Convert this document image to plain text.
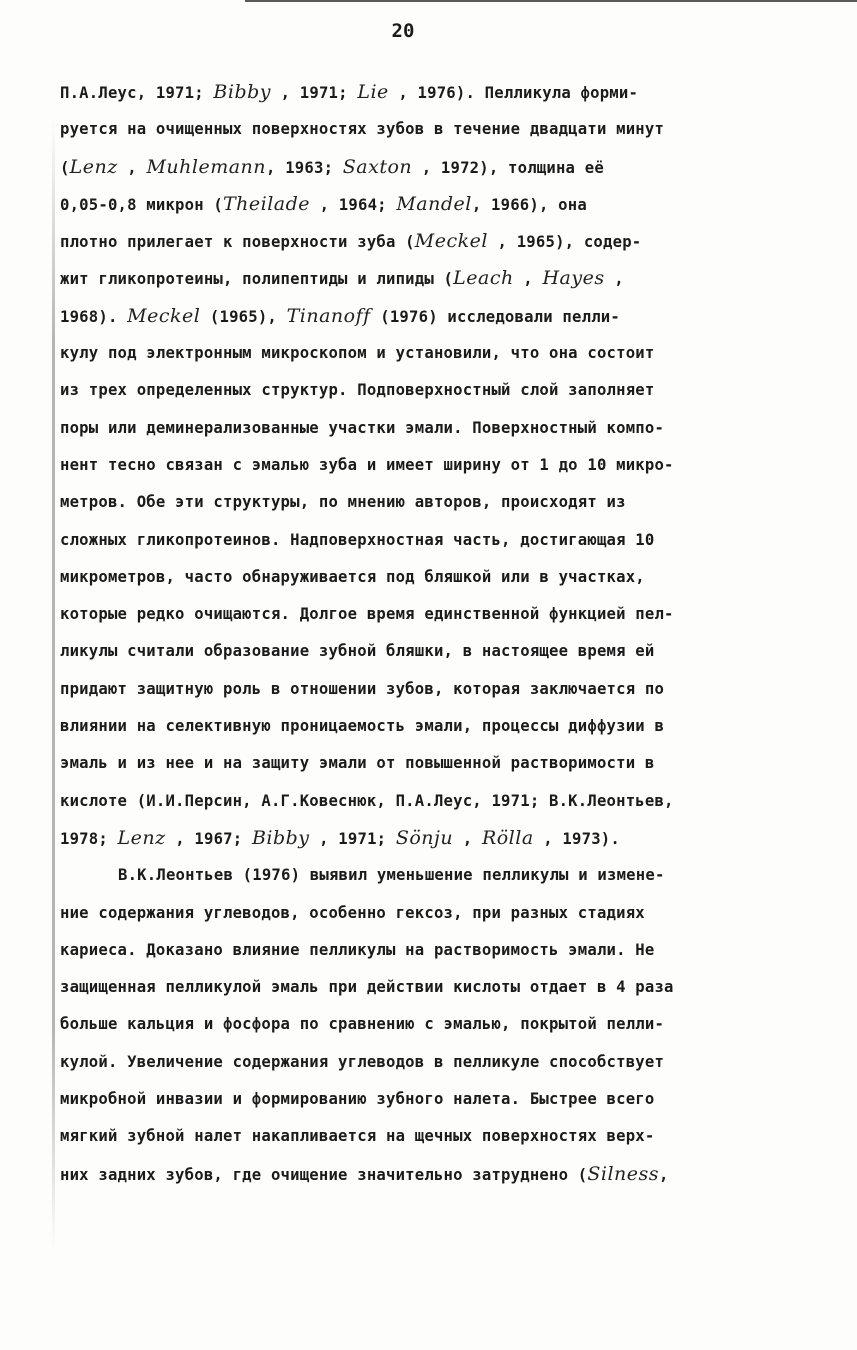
20
П.А.Леус, 1971; Bibby , 1971; Lie , 1976). Пелликула форми-
руется на очищенных поверхностях зубов в течение двадцати минут
(Lenz , Muhlemann, 1963; Saxton , 1972), толщина её
0,05-0,8 микрон (Theilade , 1964; Mandel, 1966), она
плотно прилегает к поверхности зуба (Meckel , 1965), содер-
жит гликопротеины, полипептиды и липиды (Leach , Hayes ,
1968). Meckel (1965), Tinanoff (1976) исследовали пелли-
кулу под электронным микроскопом и установили, что она состоит
из трех определенных структур. Подповерхностный слой заполняет
поры или деминерализованные участки эмали. Поверхностный компо-
нент тесно связан с эмалью зуба и имеет ширину от 1 до 10 микро-
метров. Обе эти структуры, по мнению авторов, происходят из
сложных гликопротеинов. Надповерхностная часть, достигающая 10
микрометров, часто обнаруживается под бляшкой или в участках,
которые редко очищаются. Долгое время единственной функцией пел-
ликулы считали образование зубной бляшки, в настоящее время ей
придают защитную роль в отношении зубов, которая заключается по
влиянии на селективную проницаемость эмали, процессы диффузии в
эмаль и из нее и на защиту эмали от повышенной растворимости в
кислоте (И.И.Персин, А.Г.Ковеснюк, П.А.Леус, 1971; В.К.Леонтьев,
1978; Lenz , 1967; Bibby , 1971; Sönju , Rölla , 1973).
В.К.Леонтьев (1976) выявил уменьшение пелликулы и измене-
ние содержания углеводов, особенно гексоз, при разных стадиях
кариеса. Доказано влияние пелликулы на растворимость эмали. Не
защищенная пелликулой эмаль при действии кислоты отдает в 4 раза
больше кальция и фосфора по сравнению с эмалью, покрытой пелли-
кулой. Увеличение содержания углеводов в пелликуле способствует
микробной инвазии и формированию зубного налета. Быстрее всего
мягкий зубной налет накапливается на щечных поверхностях верх-
них задних зубов, где очищение значительно затруднено (Silness,
